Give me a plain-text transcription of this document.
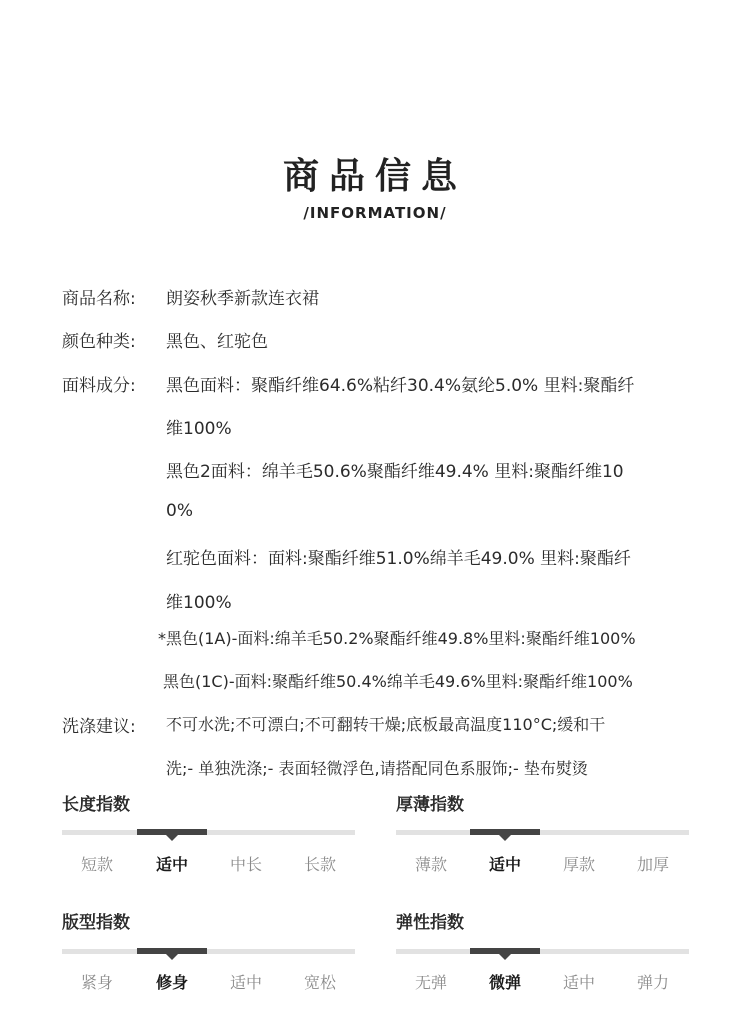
商品信息
/INFORMATION/
商品名称: 朗姿秋季新款连衣裙
颜色种类: 黑色、红驼色
面料成分: 黑色面料：聚酯纤维64.6%粘纤30.4%氨纶5.0% 里料:聚酯纤
维100%
黑色2面料：绵羊毛50.6%聚酯纤维49.4% 里料:聚酯纤维10
0%
红驼色面料：面料:聚酯纤维51.0%绵羊毛49.0% 里料:聚酯纤
维100%
*黑色(1A)-面料:绵羊毛50.2%聚酯纤维49.8%里料:聚酯纤维100%
黑色(1C)-面料:聚酯纤维50.4%绵羊毛49.6%里料:聚酯纤维100%
洗涤建议: 不可水洗;不可漂白;不可翻转干燥;底板最高温度110°C;缓和干
洗;- 单独洗涤;- 表面轻微浮色,请搭配同色系服饰;- 垫布熨烫
长度指数
短款	适中	中长	长款
厚薄指数
薄款	适中	厚款	加厚
版型指数
紧身	修身	适中	宽松
弹性指数
无弹	微弹	适中	弹力
